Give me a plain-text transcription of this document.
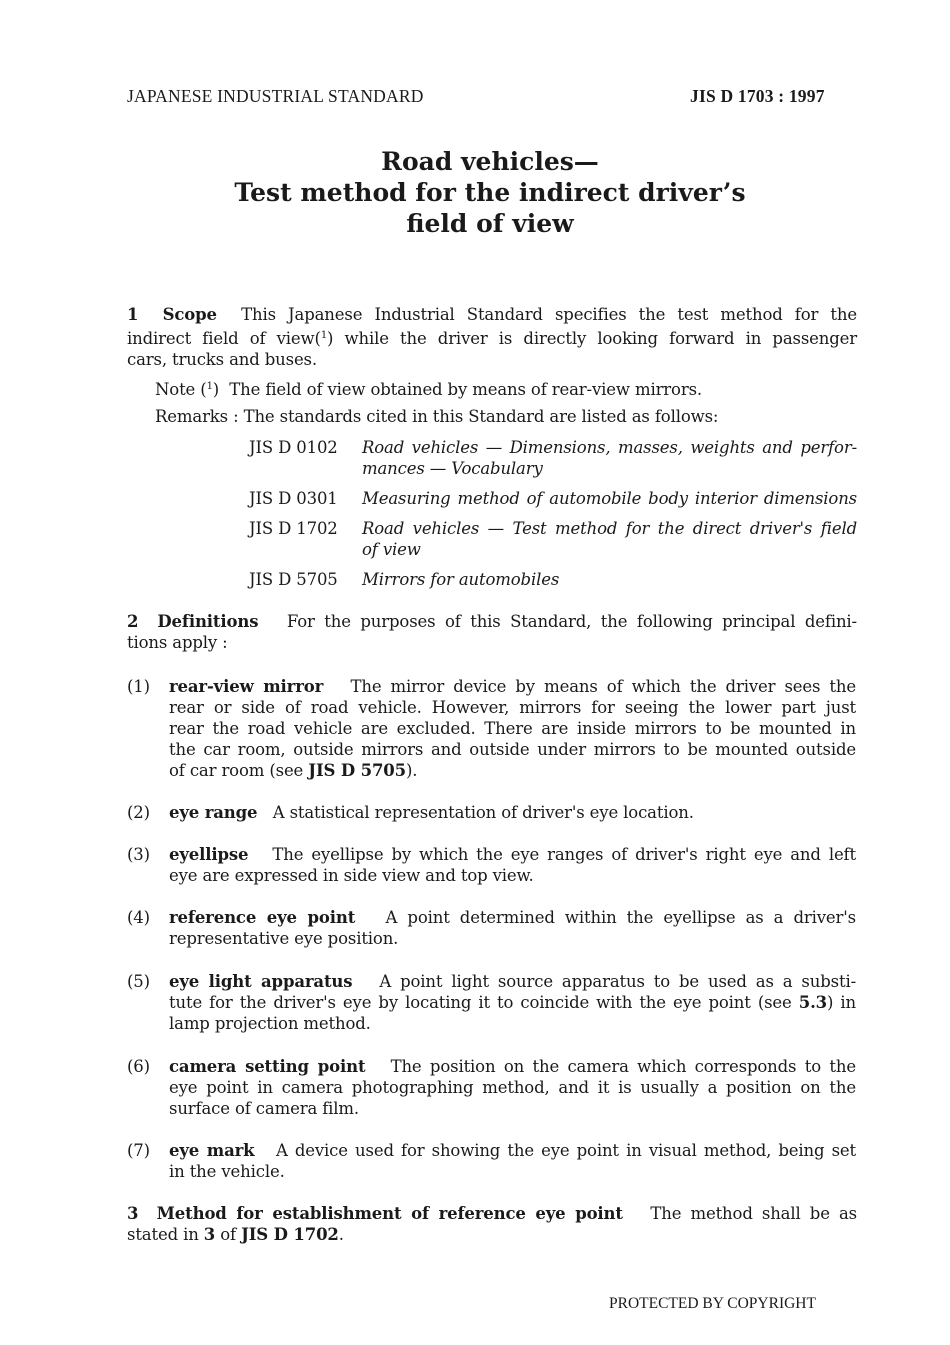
JAPANESE INDUSTRIAL STANDARD	JIS D 1703 : 1997
Road vehicles—
Test method for the indirect driver’s
field of view
1 Scope This Japanese Industrial Standard specifies the test method for the
indirect field of view($^1$) while the driver is directly looking forward in passenger
cars, trucks and buses.
Note ($^1$) The field of view obtained by means of rear-view mirrors.
Remarks : The standards cited in this Standard are listed as follows:
JIS D 0102 Road vehicles — Dimensions, masses, weights and perfor-
mances — Vocabulary
JIS D 0301 Measuring method of automobile body interior dimensions
JIS D 1702 Road vehicles — Test method for the direct driver's field
of view
JIS D 5705 Mirrors for automobiles
2 Definitions For the purposes of this Standard, the following principal defini-
tions apply :
(1) rear-view mirror The mirror device by means of which the driver sees the
rear or side of road vehicle. However, mirrors for seeing the lower part just
rear the road vehicle are excluded. There are inside mirrors to be mounted in
the car room, outside mirrors and outside under mirrors to be mounted outside
of car room (see JIS D 5705).
(2) eye range A statistical representation of driver's eye location.
(3) eyellipse The eyellipse by which the eye ranges of driver's right eye and left
eye are expressed in side view and top view.
(4) reference eye point A point determined within the eyellipse as a driver's
representative eye position.
(5) eye light apparatus A point light source apparatus to be used as a substi-
tute for the driver's eye by locating it to coincide with the eye point (see 5.3) in
lamp projection method.
(6) camera setting point The position on the camera which corresponds to the
eye point in camera photographing method, and it is usually a position on the
surface of camera film.
(7) eye mark A device used for showing the eye point in visual method, being set
in the vehicle.
3 Method for establishment of reference eye point The method shall be as
stated in 3 of JIS D 1702.
PROTECTED BY COPYRIGHT
